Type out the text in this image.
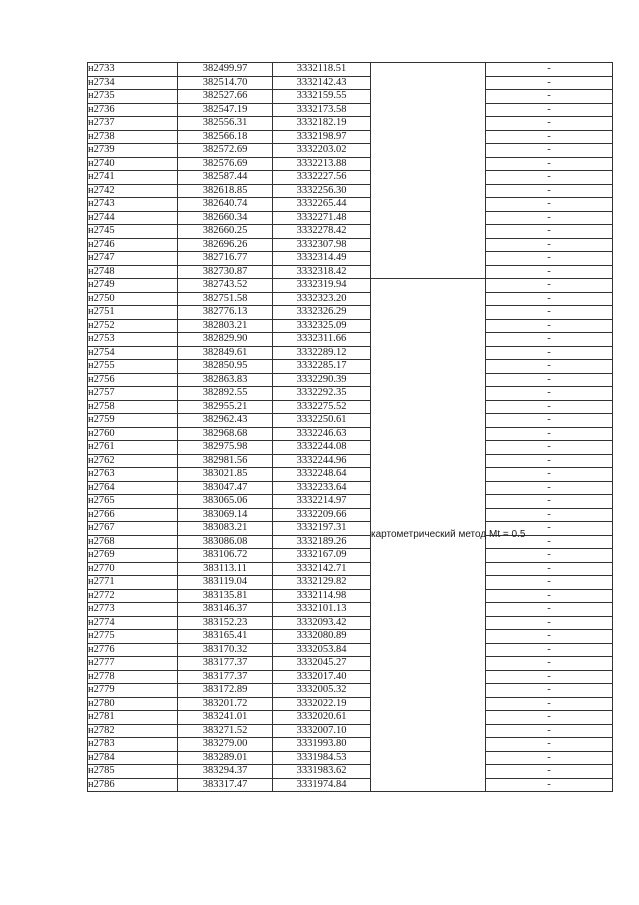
н2733	382499.97	3332118.51		-
н2734	382514.70	3332142.43		-
н2735	382527.66	3332159.55		-
н2736	382547.19	3332173.58		-
н2737	382556.31	3332182.19		-
н2738	382566.18	3332198.97		-
н2739	382572.69	3332203.02		-
н2740	382576.69	3332213.88		-
н2741	382587.44	3332227.56		-
н2742	382618.85	3332256.30		-
н2743	382640.74	3332265.44		-
н2744	382660.34	3332271.48		-
н2745	382660.25	3332278.42		-
н2746	382696.26	3332307.98		-
н2747	382716.77	3332314.49		-
н2748	382730.87	3332318.42		-
н2749	382743.52	3332319.94	картометрический метод Mt = 0.5	-
н2750	382751.58	3332323.20		-
н2751	382776.13	3332326.29		-
н2752	382803.21	3332325.09		-
н2753	382829.90	3332311.66		-
н2754	382849.61	3332289.12		-
н2755	382850.95	3332285.17		-
н2756	382863.83	3332290.39		-
н2757	382892.55	3332292.35		-
н2758	382955.21	3332275.52		-
н2759	382962.43	3332250.61		-
н2760	382968.68	3332246.63		-
н2761	382975.98	3332244.08		-
н2762	382981.56	3332244.96		-
н2763	383021.85	3332248.64		-
н2764	383047.47	3332233.64		-
н2765	383065.06	3332214.97		-
н2766	383069.14	3332209.66		-
н2767	383083.21	3332197.31		-
н2768	383086.08	3332189.26		-
н2769	383106.72	3332167.09		-
н2770	383113.11	3332142.71		-
н2771	383119.04	3332129.82		-
н2772	383135.81	3332114.98		-
н2773	383146.37	3332101.13		-
н2774	383152.23	3332093.42		-
н2775	383165.41	3332080.89		-
н2776	383170.32	3332053.84		-
н2777	383177.37	3332045.27		-
н2778	383177.37	3332017.40		-
н2779	383172.89	3332005.32		-
н2780	383201.72	3332022.19		-
н2781	383241.01	3332020.61		-
н2782	383271.52	3332007.10		-
н2783	383279.00	3331993.80		-
н2784	383289.01	3331984.53		-
н2785	383294.37	3331983.62		-
н2786	383317.47	3331974.84		-
